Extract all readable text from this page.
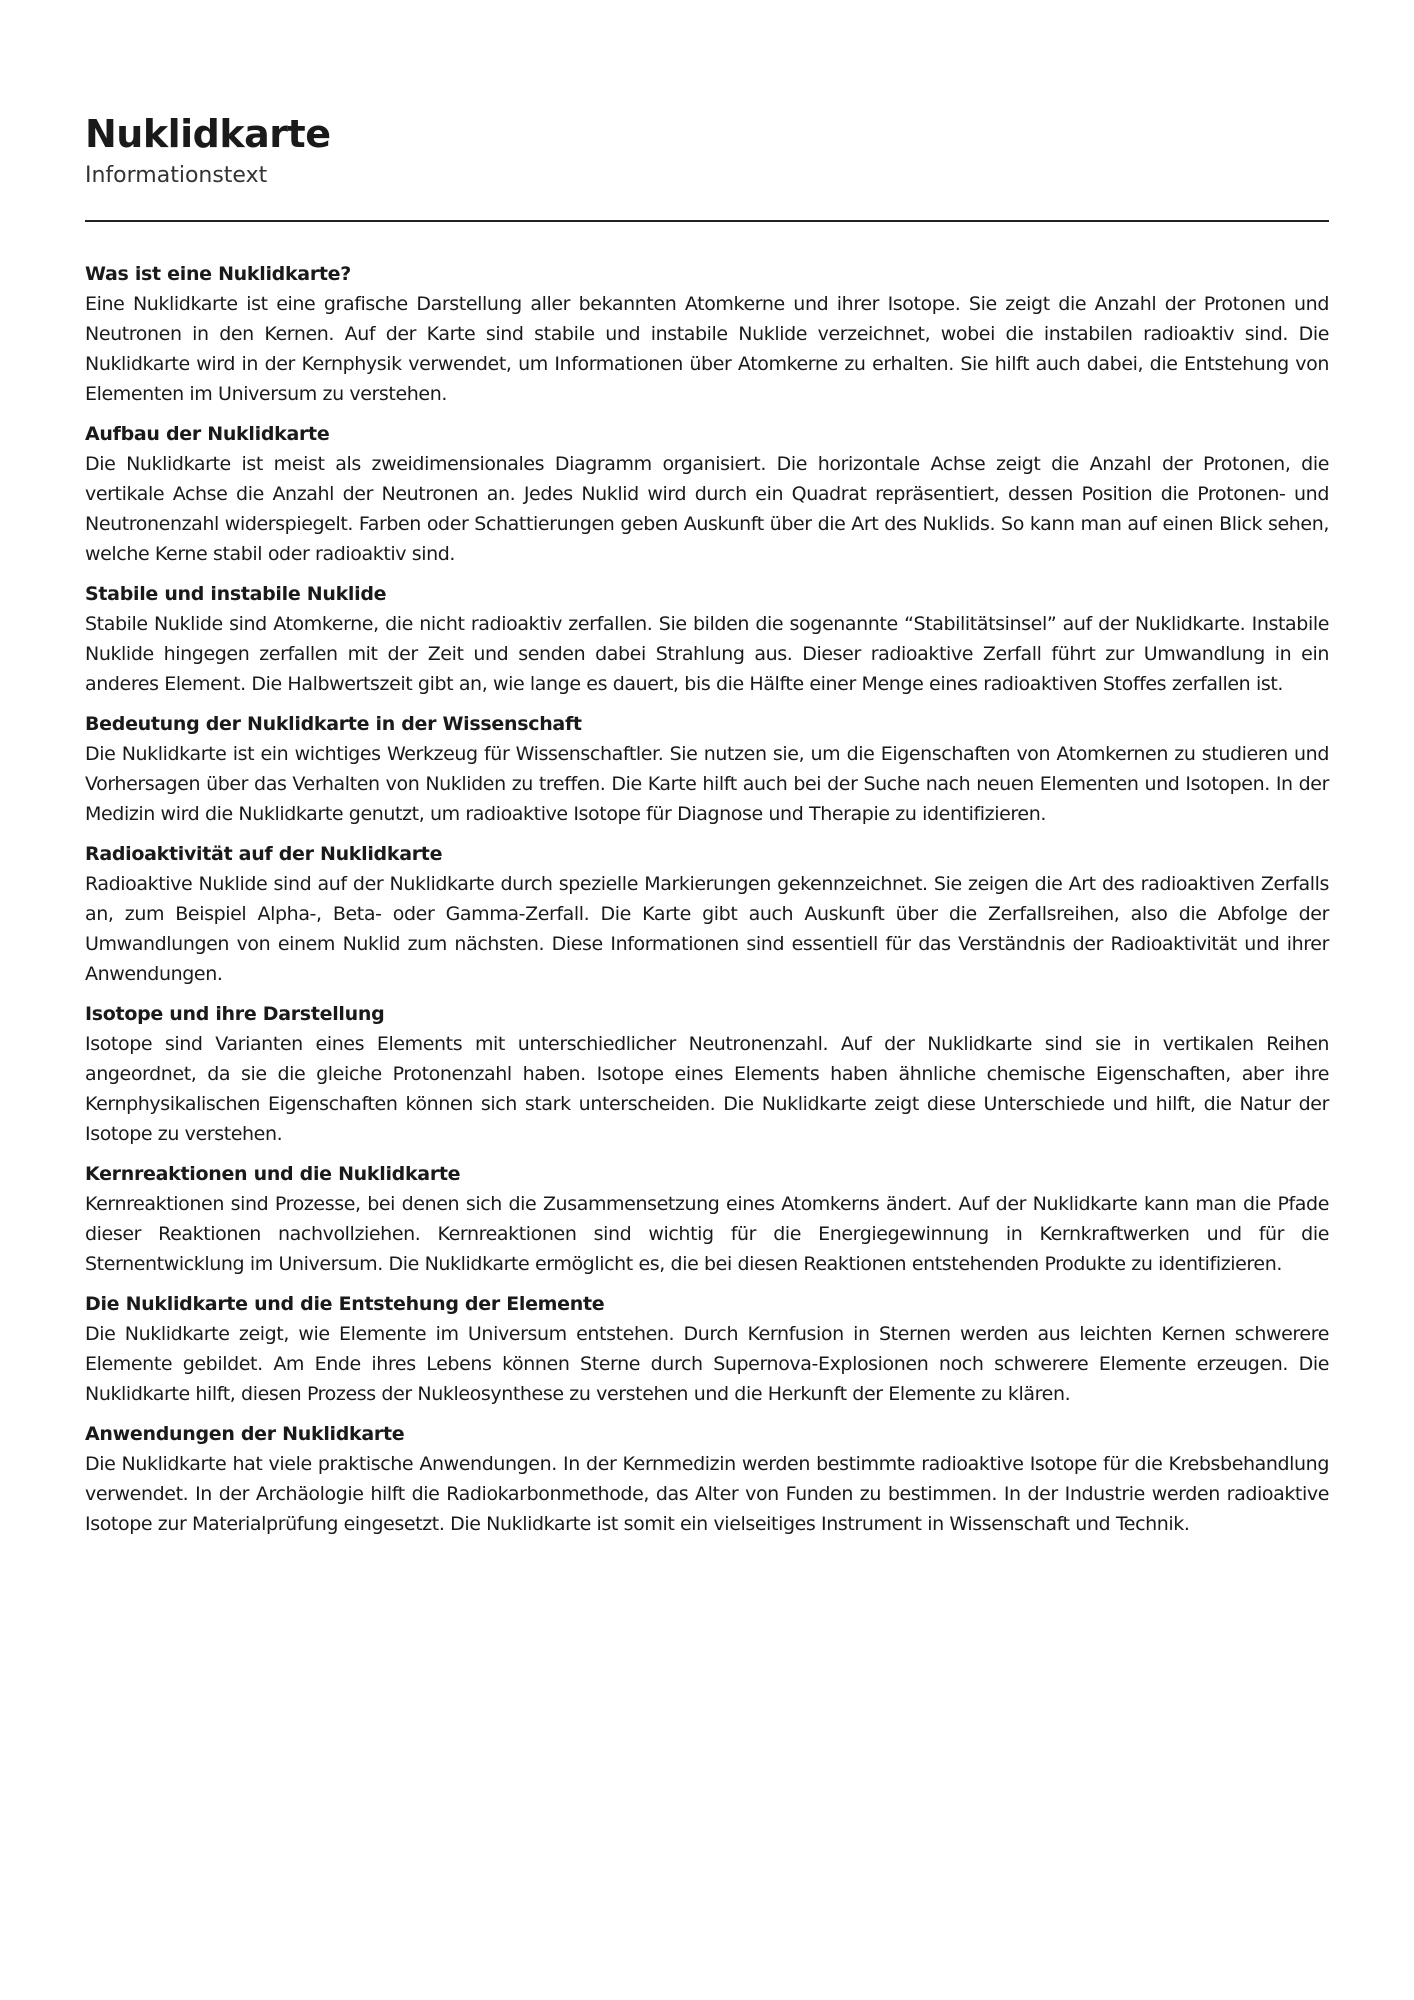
Nuklidkarte
Informationstext
Was ist eine Nuklidkarte?

Eine Nuklidkarte ist eine grafische Darstellung aller bekannten Atomkerne und ihrer Isotope. Sie zeigt die Anzahl der Protonen und Neutronen in den Kernen. Auf der Karte sind stabile und instabile Nuklide verzeichnet, wobei die instabilen radioaktiv sind. Die Nuklidkarte wird in der Kernphysik verwendet, um Informationen über Atomkerne zu erhalten. Sie hilft auch dabei, die Entstehung von Elementen im Universum zu verstehen.

Aufbau der Nuklidkarte

Die Nuklidkarte ist meist als zweidimensionales Diagramm organisiert. Die horizontale Achse zeigt die Anzahl der Protonen, die vertikale Achse die Anzahl der Neutronen an. Jedes Nuklid wird durch ein Quadrat repräsentiert, dessen Position die Protonen- und Neutronenzahl widerspiegelt. Farben oder Schattierungen geben Auskunft über die Art des Nuklids. So kann man auf einen Blick sehen, welche Kerne stabil oder radioaktiv sind.

Stabile und instabile Nuklide

Stabile Nuklide sind Atomkerne, die nicht radioaktiv zerfallen. Sie bilden die sogenannte “Stabilitätsinsel” auf der Nuklidkarte. Instabile Nuklide hingegen zerfallen mit der Zeit und senden dabei Strahlung aus. Dieser radioaktive Zerfall führt zur Umwandlung in ein anderes Element. Die Halbwertszeit gibt an, wie lange es dauert, bis die Hälfte einer Menge eines radioaktiven Stoffes zerfallen ist.

Bedeutung der Nuklidkarte in der Wissenschaft

Die Nuklidkarte ist ein wichtiges Werkzeug für Wissenschaftler. Sie nutzen sie, um die Eigenschaften von Atomkernen zu studieren und Vorhersagen über das Verhalten von Nukliden zu treffen. Die Karte hilft auch bei der Suche nach neuen Elementen und Isotopen. In der Medizin wird die Nuklidkarte genutzt, um radioaktive Isotope für Diagnose und Therapie zu identifizieren.

Radioaktivität auf der Nuklidkarte

Radioaktive Nuklide sind auf der Nuklidkarte durch spezielle Markierungen gekennzeichnet. Sie zeigen die Art des radioaktiven Zerfalls an, zum Beispiel Alpha-, Beta- oder Gamma-Zerfall. Die Karte gibt auch Auskunft über die Zerfallsreihen, also die Abfolge der Umwandlungen von einem Nuklid zum nächsten. Diese Informationen sind essentiell für das Verständnis der Radioaktivität und ihrer Anwendungen.

Isotope und ihre Darstellung

Isotope sind Varianten eines Elements mit unterschiedlicher Neutronenzahl. Auf der Nuklidkarte sind sie in vertikalen Reihen angeordnet, da sie die gleiche Protonenzahl haben. Isotope eines Elements haben ähnliche chemische Eigenschaften, aber ihre Kernphysikalischen Eigenschaften können sich stark unterscheiden. Die Nuklidkarte zeigt diese Unterschiede und hilft, die Natur der Isotope zu verstehen.

Kernreaktionen und die Nuklidkarte

Kernreaktionen sind Prozesse, bei denen sich die Zusammensetzung eines Atomkerns ändert. Auf der Nuklidkarte kann man die Pfade dieser Reaktionen nachvollziehen. Kernreaktionen sind wichtig für die Energiegewinnung in Kernkraftwerken und für die Sternentwicklung im Universum. Die Nuklidkarte ermöglicht es, die bei diesen Reaktionen entstehenden Produkte zu identifizieren.

Die Nuklidkarte und die Entstehung der Elemente

Die Nuklidkarte zeigt, wie Elemente im Universum entstehen. Durch Kernfusion in Sternen werden aus leichten Kernen schwerere Elemente gebildet. Am Ende ihres Lebens können Sterne durch Supernova-Explosionen noch schwerere Elemente erzeugen. Die Nuklidkarte hilft, diesen Prozess der Nukleosynthese zu verstehen und die Herkunft der Elemente zu klären.

Anwendungen der Nuklidkarte

Die Nuklidkarte hat viele praktische Anwendungen. In der Kernmedizin werden bestimmte radioaktive Isotope für die Krebsbehandlung verwendet. In der Archäologie hilft die Radiokarbonmethode, das Alter von Funden zu bestimmen. In der Industrie werden radioaktive Isotope zur Materialprüfung eingesetzt. Die Nuklidkarte ist somit ein vielseitiges Instrument in Wissenschaft und Technik.
